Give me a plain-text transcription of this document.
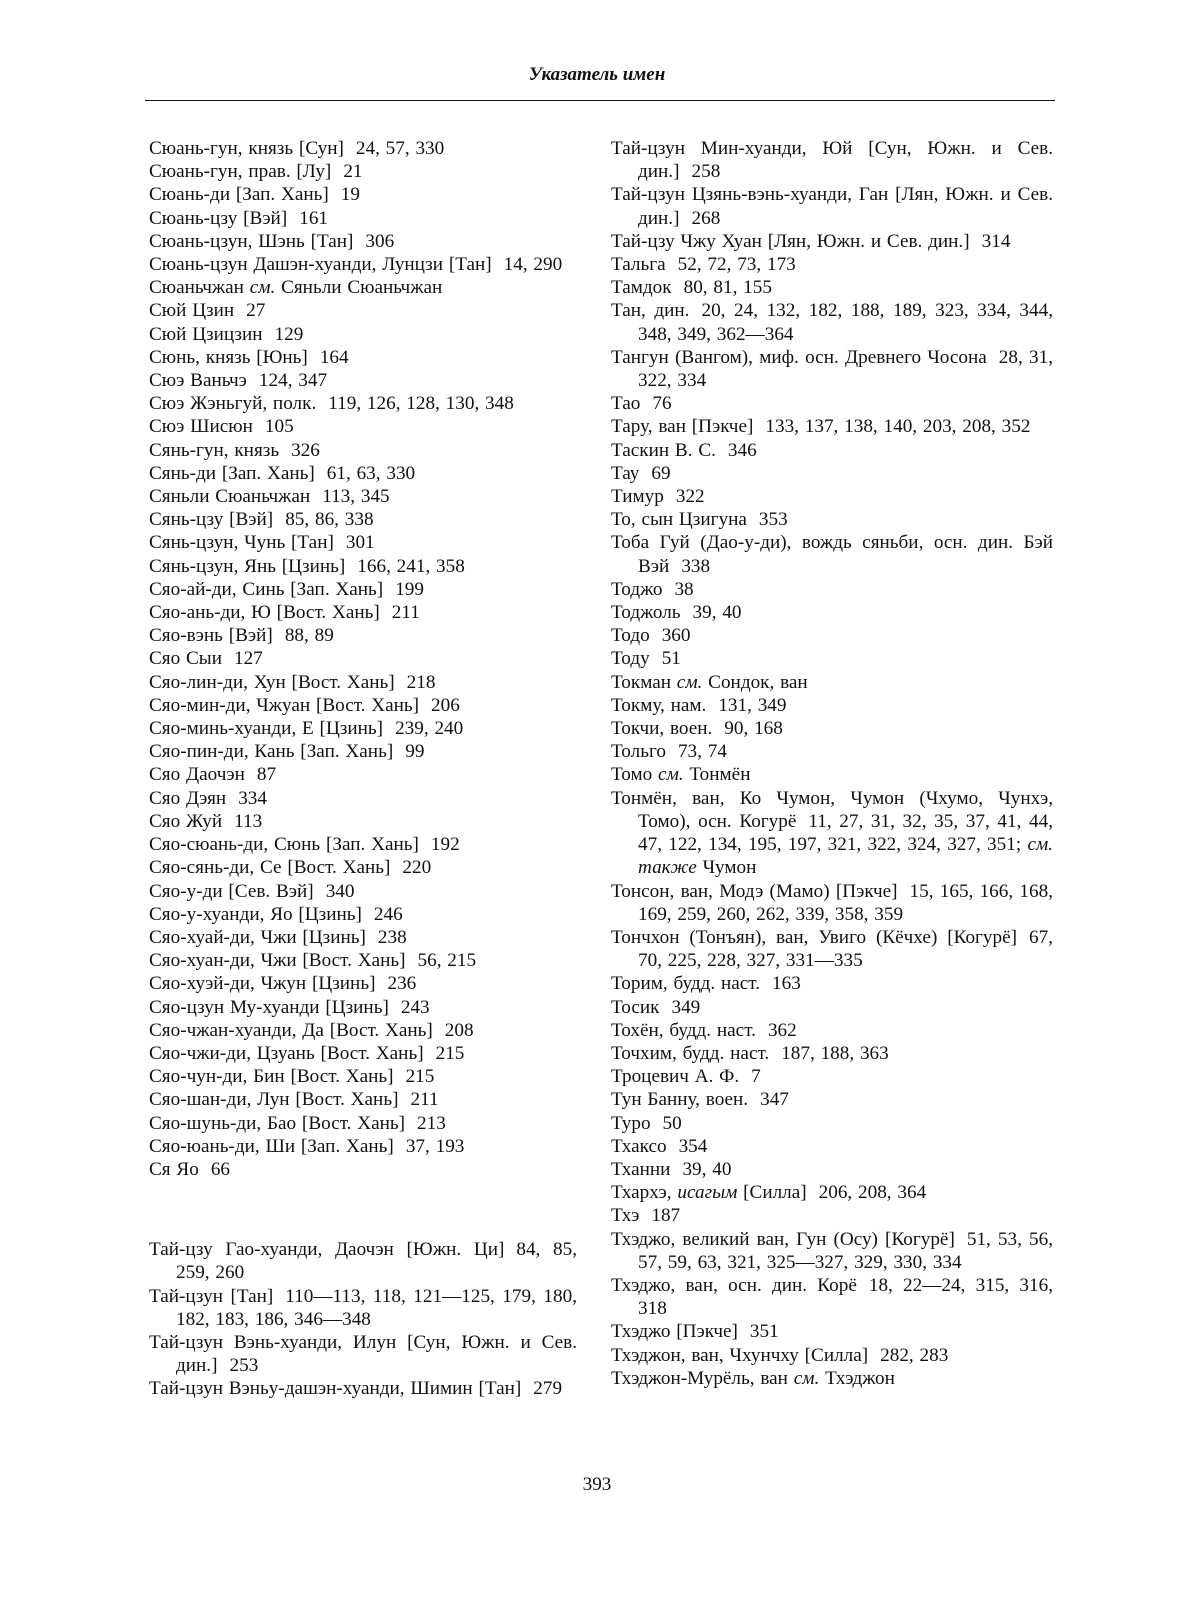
Указатель имен
Сюань-гун, князь [Сун] 24, 57, 330
Сюань-гун, прав. [Лу] 21
Сюань-ди [Зап. Хань] 19
Сюань-цзу [Вэй] 161
Сюань-цзун, Шэнь [Тан] 306
Сюань-цзун Дашэн-хуанди, Лунцзи [Тан] 14, 290
Сюаньчжан см. Сяньли Сюаньчжан
Сюй Цзин 27
Сюй Цзицзин 129
Сюнь, князь [Юнь] 164
Сюэ Ваньчэ 124, 347
Сюэ Жэньгуй, полк. 119, 126, 128, 130, 348
Сюэ Шисюн 105
Сянь-гун, князь 326
Сянь-ди [Зап. Хань] 61, 63, 330
Сяньли Сюаньчжан 113, 345
Сянь-цзу [Вэй] 85, 86, 338
Сянь-цзун, Чунь [Тан] 301
Сянь-цзун, Янь [Цзинь] 166, 241, 358
Сяо-ай-ди, Синь [Зап. Хань] 199
Сяо-ань-ди, Ю [Вост. Хань] 211
Сяо-вэнь [Вэй] 88, 89
Сяо Сыи 127
Сяо-лин-ди, Хун [Вост. Хань] 218
Сяо-мин-ди, Чжуан [Вост. Хань] 206
Сяо-минь-хуанди, Е [Цзинь] 239, 240
Сяо-пин-ди, Кань [Зап. Хань] 99
Сяо Даочэн 87
Сяо Дэян 334
Сяо Жуй 113
Сяо-сюань-ди, Сюнь [Зап. Хань] 192
Сяо-сянь-ди, Се [Вост. Хань] 220
Сяо-у-ди [Сев. Вэй] 340
Сяо-у-хуанди, Яо [Цзинь] 246
Сяо-хуай-ди, Чжи [Цзинь] 238
Сяо-хуан-ди, Чжи [Вост. Хань] 56, 215
Сяо-хуэй-ди, Чжун [Цзинь] 236
Сяо-цзун Му-хуанди [Цзинь] 243
Сяо-чжан-хуанди, Да [Вост. Хань] 208
Сяо-чжи-ди, Цзуань [Вост. Хань] 215
Сяо-чун-ди, Бин [Вост. Хань] 215
Сяо-шан-ди, Лун [Вост. Хань] 211
Сяо-шунь-ди, Бао [Вост. Хань] 213
Сяо-юань-ди, Ши [Зап. Хань] 37, 193
Ся Яо 66
Тай-цзу Гао-хуанди, Даочэн [Южн. Ци] 84, 85, 259, 260
Тай-цзун [Тан] 110—113, 118, 121—125, 179, 180, 182, 183, 186, 346—348
Тай-цзун Вэнь-хуанди, Илун [Сун, Южн. и Сев. дин.] 253
Тай-цзун Вэньу-дашэн-хуанди, Шимин [Тан] 279
Тай-цзун Мин-хуанди, Юй [Сун, Южн. и Сев. дин.] 258
Тай-цзун Цзянь-вэнь-хуанди, Ган [Лян, Южн. и Сев. дин.] 268
Тай-цзу Чжу Хуан [Лян, Южн. и Сев. дин.] 314
Тальга 52, 72, 73, 173
Тамдок 80, 81, 155
Тан, дин. 20, 24, 132, 182, 188, 189, 323, 334, 344, 348, 349, 362—364
Тангун (Вангом), миф. осн. Древнего Чосона 28, 31, 322, 334
Тао 76
Тару, ван [Пэкче] 133, 137, 138, 140, 203, 208, 352
Таскин В. С. 346
Тау 69
Тимур 322
То, сын Цзигуна 353
Тоба Гуй (Дао-у-ди), вождь сяньби, осн. дин. Бэй Вэй 338
Тоджо 38
Тоджоль 39, 40
Тодо 360
Тоду 51
Токман см. Сондок, ван
Токму, нам. 131, 349
Токчи, воен. 90, 168
Тольго 73, 74
Томо см. Тонмён
Тонмён, ван, Ко Чумон, Чумон (Чхумо, Чунхэ, Томо), осн. Когурё 11, 27, 31, 32, 35, 37, 41, 44, 47, 122, 134, 195, 197, 321, 322, 324, 327, 351; см. также Чумон
Тонсон, ван, Модэ (Мамо) [Пэкче] 15, 165, 166, 168, 169, 259, 260, 262, 339, 358, 359
Тончхон (Тонъян), ван, Увиго (Кёчхе) [Когурё] 67, 70, 225, 228, 327, 331—335
Торим, будд. наст. 163
Тосик 349
Тохён, будд. наст. 362
Точхим, будд. наст. 187, 188, 363
Троцевич А. Ф. 7
Тун Банну, воен. 347
Туро 50
Тхаксо 354
Тханни 39, 40
Тхархэ, исагым [Силла] 206, 208, 364
Тхэ 187
Тхэджо, великий ван, Гун (Осу) [Когурё] 51, 53, 56, 57, 59, 63, 321, 325—327, 329, 330, 334
Тхэджо, ван, осн. дин. Корё 18, 22—24, 315, 316, 318
Тхэджо [Пэкче] 351
Тхэджон, ван, Чхунчху [Силла] 282, 283
Тхэджон-Мурёль, ван см. Тхэджон
393
